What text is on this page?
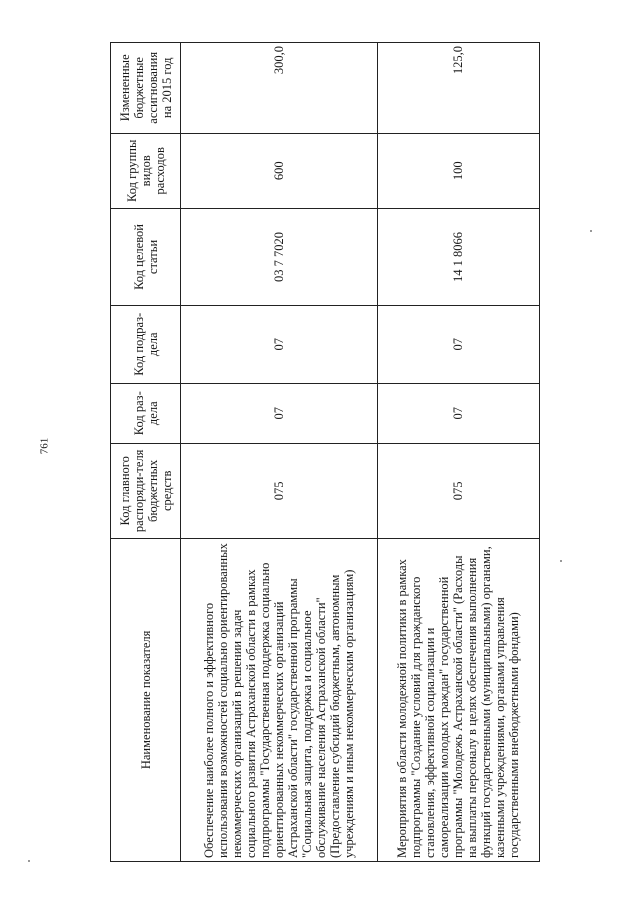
761
Наименование показателя	Код главного распоряди-теля бюджетных средств	Код раз-дела	Код подраз-дела	Код целевой статьи	Код группы видов расходов	Измененные бюджетные ассигнования на 2015 год
Обеспечение наиболее полного и эффективного использования возможностей социально ориентированных некоммерческих организаций в решении задач социального развития Астраханской области в рамках подпрограммы "Государственная поддержка социально ориентированных некоммерческих организаций Астраханской области" государственной программы "Социальная защита, поддержка и социальное обслуживание населения Астраханской области" (Предоставление субсидий бюджетным, автономным учреждениям и иным некоммерческим организациям)	075	07	07	03 7 7020	600	300,0
Мероприятия в области молодежной политики в рамках подпрограммы "Создание условий для гражданского становления, эффективной социализации и самореализации молодых граждан" государственной программы "Молодежь Астраханской области" (Расходы на выплаты персоналу в целях обеспечения выполнения функций государственными (муниципальными) органами, казенными учреждениями, органами управления государственными внебюджетными фондами)	075	07	07	14 1 8066	100	125,0
